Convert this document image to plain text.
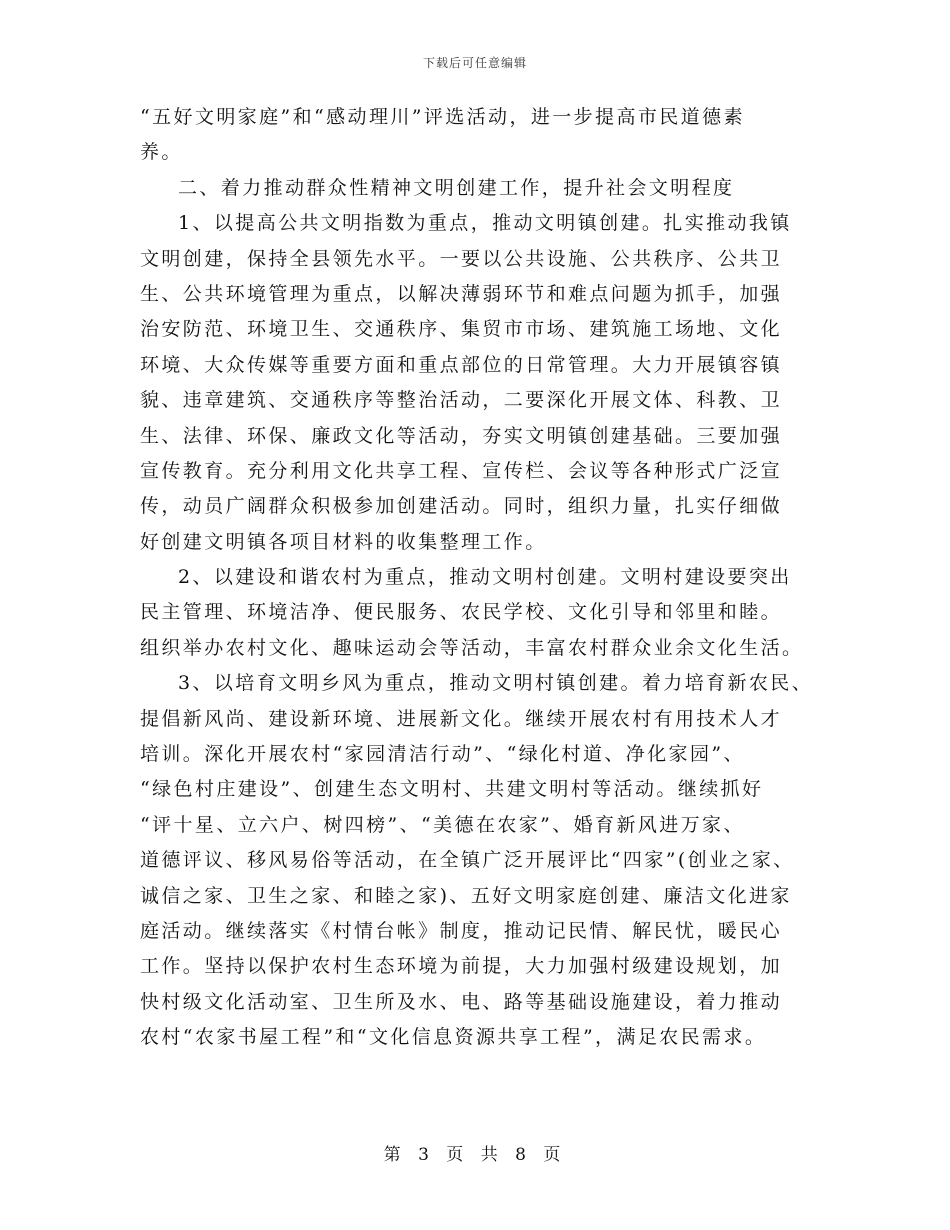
下载后可任意编辑
“五好文明家庭”和“感动理川”评选活动，进一步提高市民道德素
养。
二、着力推动群众性精神文明创建工作，提升社会文明程度
1、以提高公共文明指数为重点，推动文明镇创建。扎实推动我镇
文明创建，保持全县领先水平。一要以公共设施、公共秩序、公共卫
生、公共环境管理为重点，以解决薄弱环节和难点问题为抓手，加强
治安防范、环境卫生、交通秩序、集贸市市场、建筑施工场地、文化
环境、大众传媒等重要方面和重点部位的日常管理。大力开展镇容镇
貌、违章建筑、交通秩序等整治活动，二要深化开展文体、科教、卫
生、法律、环保、廉政文化等活动，夯实文明镇创建基础。三要加强
宣传教育。充分利用文化共享工程、宣传栏、会议等各种形式广泛宣
传，动员广阔群众积极参加创建活动。同时，组织力量，扎实仔细做
好创建文明镇各项目材料的收集整理工作。
2、以建设和谐农村为重点，推动文明村创建。文明村建设要突出
民主管理、环境洁净、便民服务、农民学校、文化引导和邻里和睦。
组织举办农村文化、趣味运动会等活动，丰富农村群众业余文化生活。
3、以培育文明乡风为重点，推动文明村镇创建。着力培育新农民、
提倡新风尚、建设新环境、进展新文化。继续开展农村有用技术人才
培训。深化开展农村“家园清洁行动”、“绿化村道、净化家园”、
“绿色村庄建设”、创建生态文明村、共建文明村等活动。继续抓好
“评十星、立六户、树四榜”、“美德在农家”、婚育新风进万家、
道德评议、移风易俗等活动，在全镇广泛开展评比“四家”(创业之家、
诚信之家、卫生之家、和睦之家)、五好文明家庭创建、廉洁文化进家
庭活动。继续落实《村情台帐》制度，推动记民情、解民忧，暖民心
工作。坚持以保护农村生态环境为前提，大力加强村级建设规划，加
快村级文化活动室、卫生所及水、电、路等基础设施建设，着力推动
农村“农家书屋工程”和“文化信息资源共享工程”，满足农民需求。
第 3 页 共 8 页
